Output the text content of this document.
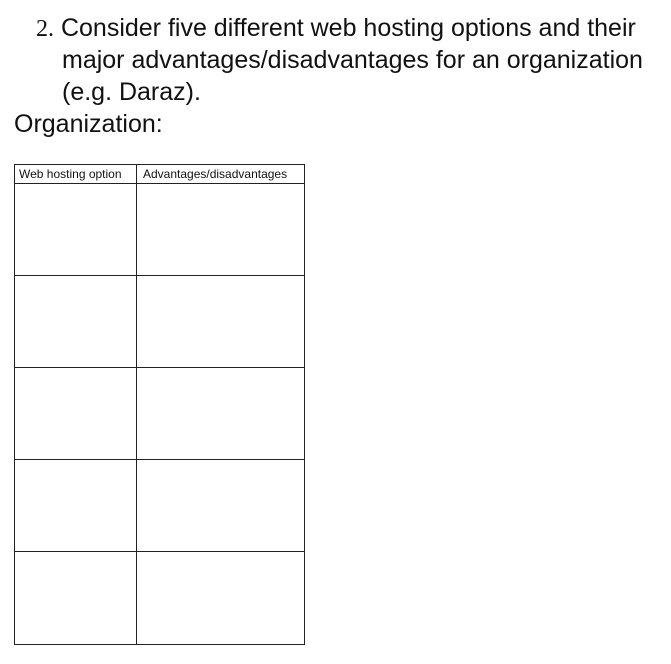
2. Consider five different web hosting options and their
major advantages/disadvantages for an organization
(e.g. Daraz).
Organization:
Web hosting option	Advantages/disadvantages
